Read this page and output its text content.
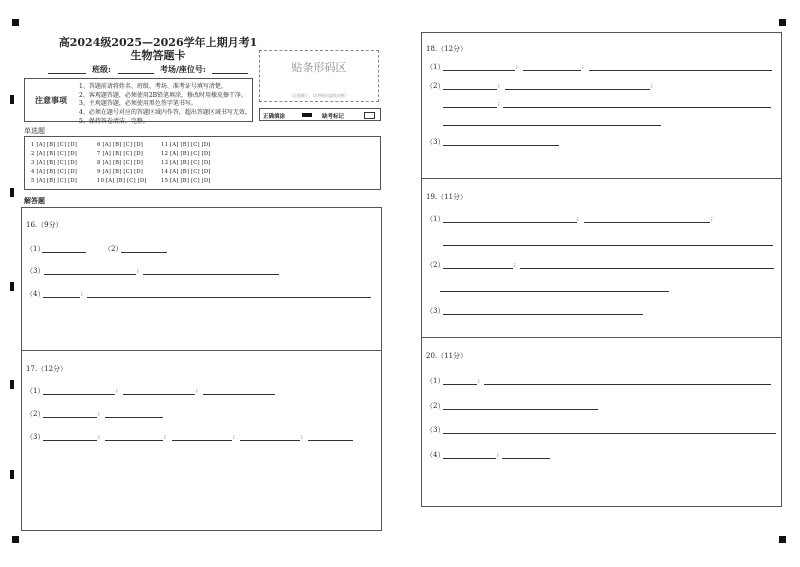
高2024级2025—2026学年上期月考1
生物答题卡
班级:	考场/座位号:
注意事项
1、答题前请将姓名、班级、考场、准考证号填写清楚。
2、客观题答题，必须使用2B铅笔填涂，修改时用橡皮擦干净。
3、主观题答题，必须使用黑色签字笔书写。
4、必须在题号对应的答题区域内作答，超出答题区域书写无效。
5、保持答卷清洁、完整。
贴条形码区
（正面朝上，切勿贴出虚线方框）
正确填涂	缺考标记
单选题
1 [A] [B] [C] [D]	6 [A] [B] [C] [D]	11 [A] [B] [C] [D]
2 [A] [B] [C] [D]	7 [A] [B] [C] [D]	12 [A] [B] [C] [D]
3 [A] [B] [C] [D]	8 [A] [B] [C] [D]	13 [A] [B] [C] [D]
4 [A] [B] [C] [D]	9 [A] [B] [C] [D]	14 [A] [B] [C] [D]
5 [A] [B] [C] [D]	10 [A] [B] [C] [D]	15 [A] [B] [C] [D]
解答题
16.（9分）
（1）	（2）
（3）	;
（4）	;
17.（12分）
（1）	;	;
（2）	;
（3）	;	;	;	;
18.（12分）
（1）	;	;
（2）	;	;
;
（3）
19.（11分）
（1）	;	;
（2）	;
（3）
20.（11分）
（1）	;
（2）
（3）
（4）	;
